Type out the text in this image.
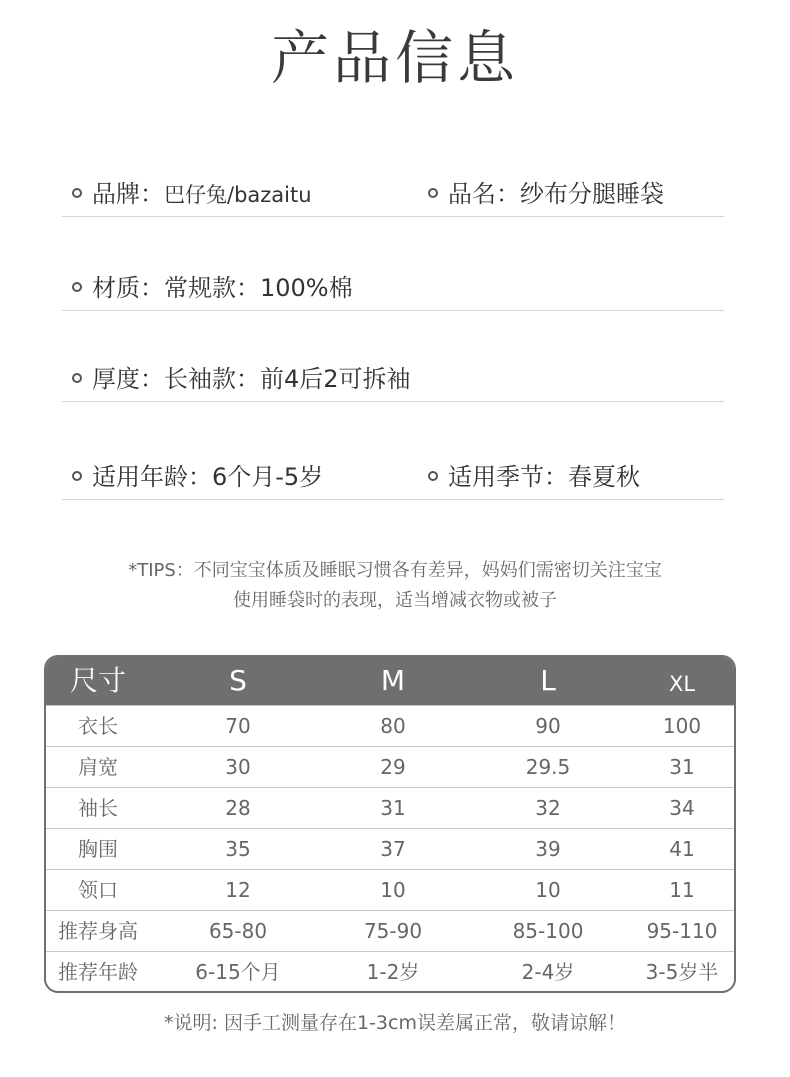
产品信息
品牌：巴仔兔/bazaitu	品名：纱布分腿睡袋
材质：常规款：100%棉
厚度：长袖款：前4后2可拆袖
适用年龄：6个月-5岁	适用季节：春夏秋
*TIPS：不同宝宝体质及睡眠习惯各有差异，妈妈们需密切关注宝宝
使用睡袋时的表现，适当增减衣物或被子
尺寸	S	M	L	XL
衣长	70	80	90	100
肩宽	30	29	29.5	31
袖长	28	31	32	34
胸围	35	37	39	41
领口	12	10	10	11
推荐身高	65-80	75-90	85-100	95-110
推荐年龄	6-15个月	1-2岁	2-4岁	3-5岁半
*说明: 因手工测量存在1-3cm误差属正常，敬请谅解！
